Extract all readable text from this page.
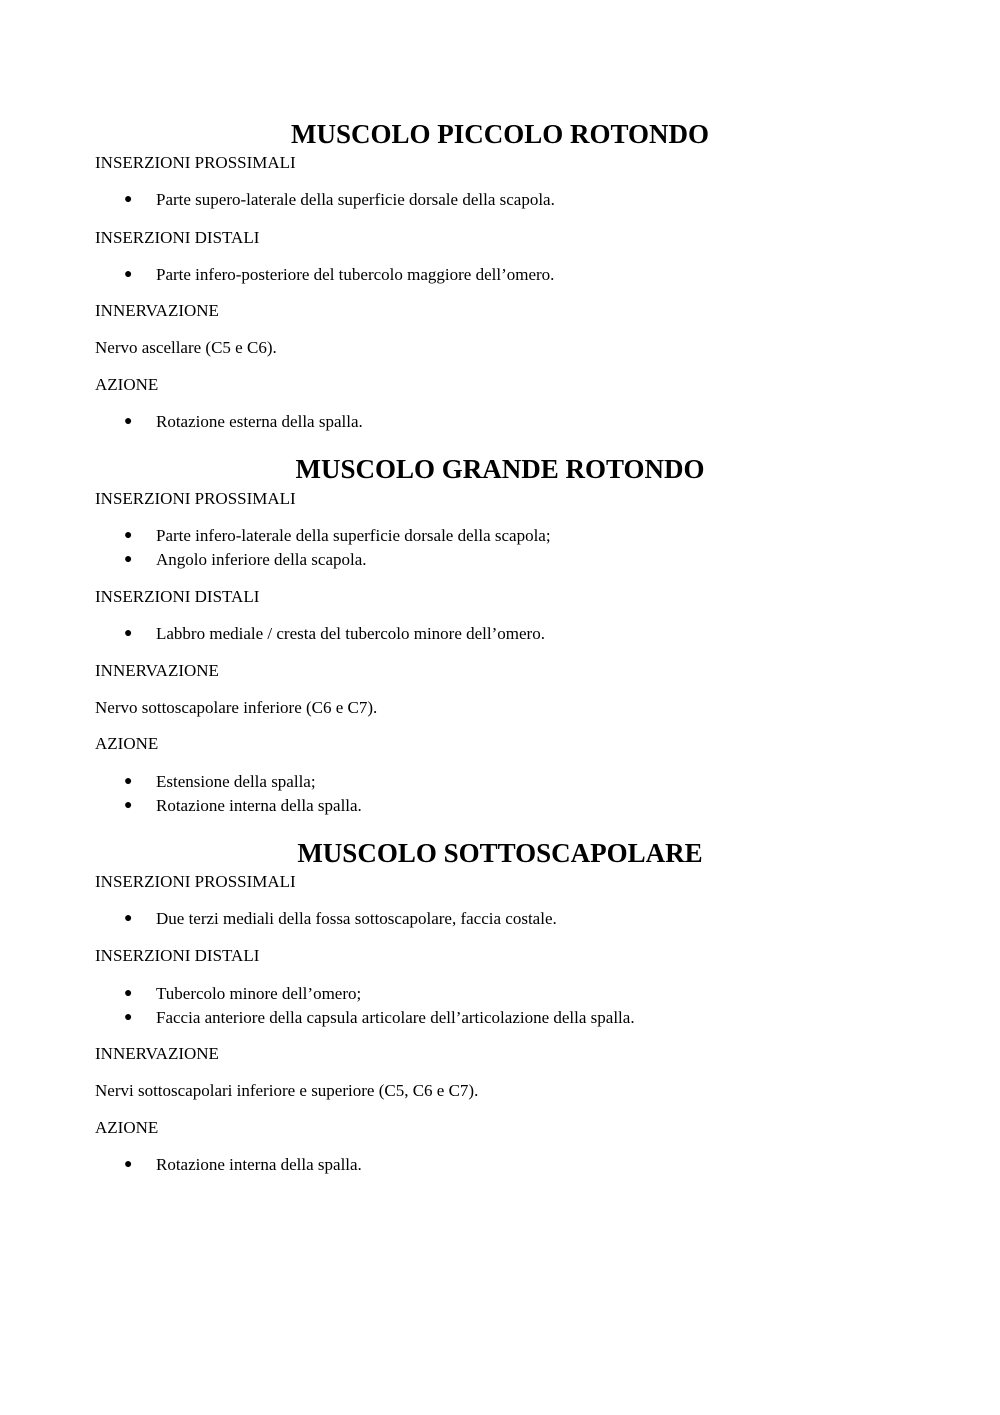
MUSCOLO PICCOLO ROTONDO

INSERZIONI PROSSIMALI

● Parte supero-laterale della superficie dorsale della scapola.

INSERZIONI DISTALI

● Parte infero-posteriore del tubercolo maggiore dell’omero.

INNERVAZIONE

Nervo ascellare (C5 e C6).

AZIONE

● Rotazione esterna della spalla.
MUSCOLO GRANDE ROTONDO

INSERZIONI PROSSIMALI

● Parte infero-laterale della superficie dorsale della scapola;
● Angolo inferiore della scapola.

INSERZIONI DISTALI

● Labbro mediale / cresta del tubercolo minore dell’omero.

INNERVAZIONE

Nervo sottoscapolare inferiore (C6 e C7).

AZIONE

● Estensione della spalla;
● Rotazione interna della spalla.
MUSCOLO SOTTOSCAPOLARE

INSERZIONI PROSSIMALI

● Due terzi mediali della fossa sottoscapolare, faccia costale.

INSERZIONI DISTALI

● Tubercolo minore dell’omero;
● Faccia anteriore della capsula articolare dell’articolazione della spalla.

INNERVAZIONE

Nervi sottoscapolari inferiore e superiore (C5, C6 e C7).

AZIONE

● Rotazione interna della spalla.
